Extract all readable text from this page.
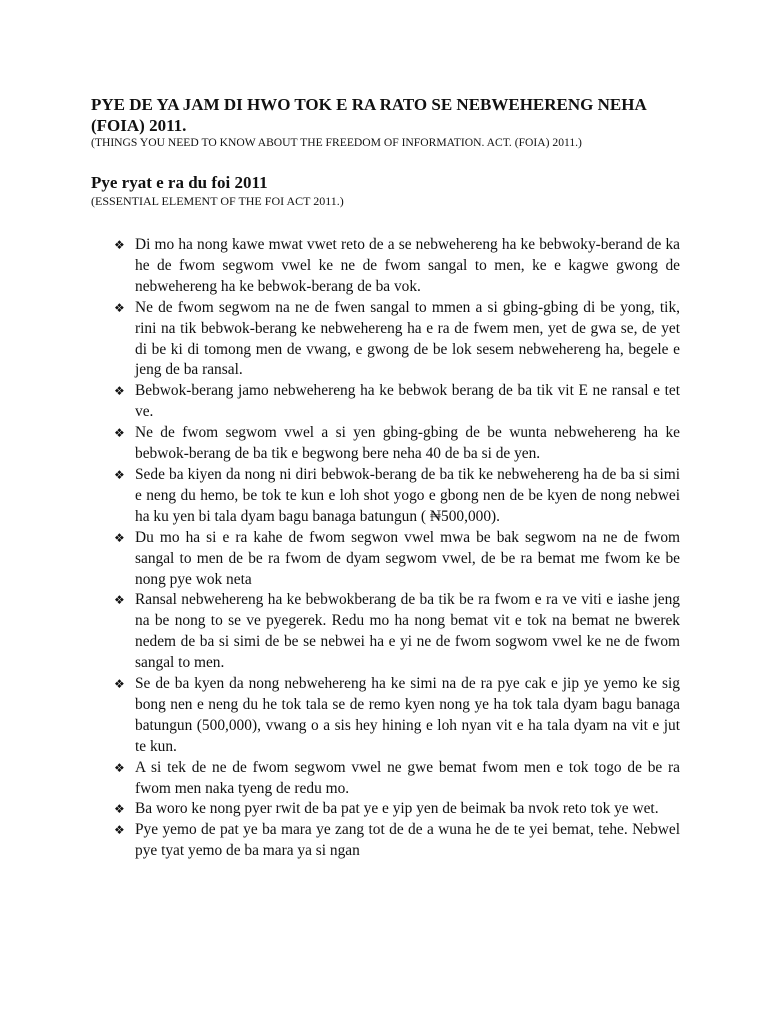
PYE DE YA JAM DI HWO TOK E RA RATO SE NEBWEHERENG NEHA
(FOIA) 2011.

(THINGS YOU NEED TO KNOW ABOUT THE FREEDOM OF INFORMATION. ACT. (FOIA) 2011.)

Pye ryat e ra du foi 2011

(ESSENTIAL ELEMENT OF THE FOI ACT 2011.)

❖ Di mo ha nong kawe mwat vwet reto de a se nebwehereng ha ke bebwoky-berand de ka he de fwom segwom vwel ke ne de fwom sangal to men, ke e kagwe gwong de nebwehereng ha ke bebwok-berang de ba vok.
❖ Ne de fwom segwom na ne de fwen sangal to mmen a si gbing-gbing di be yong, tik, rini na tik bebwok-berang ke nebwehereng ha e ra de fwem men, yet de gwa se, de yet di be ki di tomong men de vwang, e gwong de be lok sesem nebwehereng ha, begele e jeng de ba ransal.
❖ Bebwok-berang jamo nebwehereng ha ke bebwok berang de ba tik vit E ne ransal e tet ve.
❖ Ne de fwom segwom vwel a si yen gbing-gbing de be wunta nebwehereng ha ke bebwok-berang de ba tik e begwong bere neha 40 de ba si de yen.
❖ Sede ba kiyen da nong ni diri bebwok-berang de ba tik ke nebwehereng ha de ba si simi e neng du hemo, be tok te kun e loh shot yogo e gbong nen de be kyen de nong nebwei ha ku yen bi tala dyam bagu banaga batungun ( ₦500,000).
❖ Du mo ha si e ra kahe de fwom segwon vwel mwa be bak segwom na ne de fwom sangal to men de be ra fwom de dyam segwom vwel, de be ra bemat me fwom ke be nong pye wok neta
❖ Ransal nebwehereng ha ke bebwokberang de ba tik be ra fwom e ra ve viti e iashe jeng na be nong to se ve pyegerek. Redu mo ha nong bemat vit e tok na bemat ne bwerek nedem de ba si simi de be se nebwei ha e yi ne de fwom sogwom vwel ke ne de fwom sangal to men.
❖ Se de ba kyen da nong nebwehereng ha ke simi na de ra pye cak e jip ye yemo ke sig bong nen e neng du he tok tala se de remo kyen nong ye ha tok tala dyam bagu banaga batungun (500,000), vwang o a sis hey hining e loh nyan vit e ha tala dyam na vit e jut te kun.
❖ A si tek de ne de fwom segwom vwel ne gwe bemat fwom men e tok togo de be ra fwom men naka tyeng de redu mo.
❖ Ba woro ke nong pyer rwit de ba pat ye e yip yen de beimak ba nvok reto tok ye wet.
❖ Pye yemo de pat ye ba mara ye zang tot de de a wuna he de te yei bemat, tehe. Nebwel pye tyat yemo de ba mara ya si ngan
